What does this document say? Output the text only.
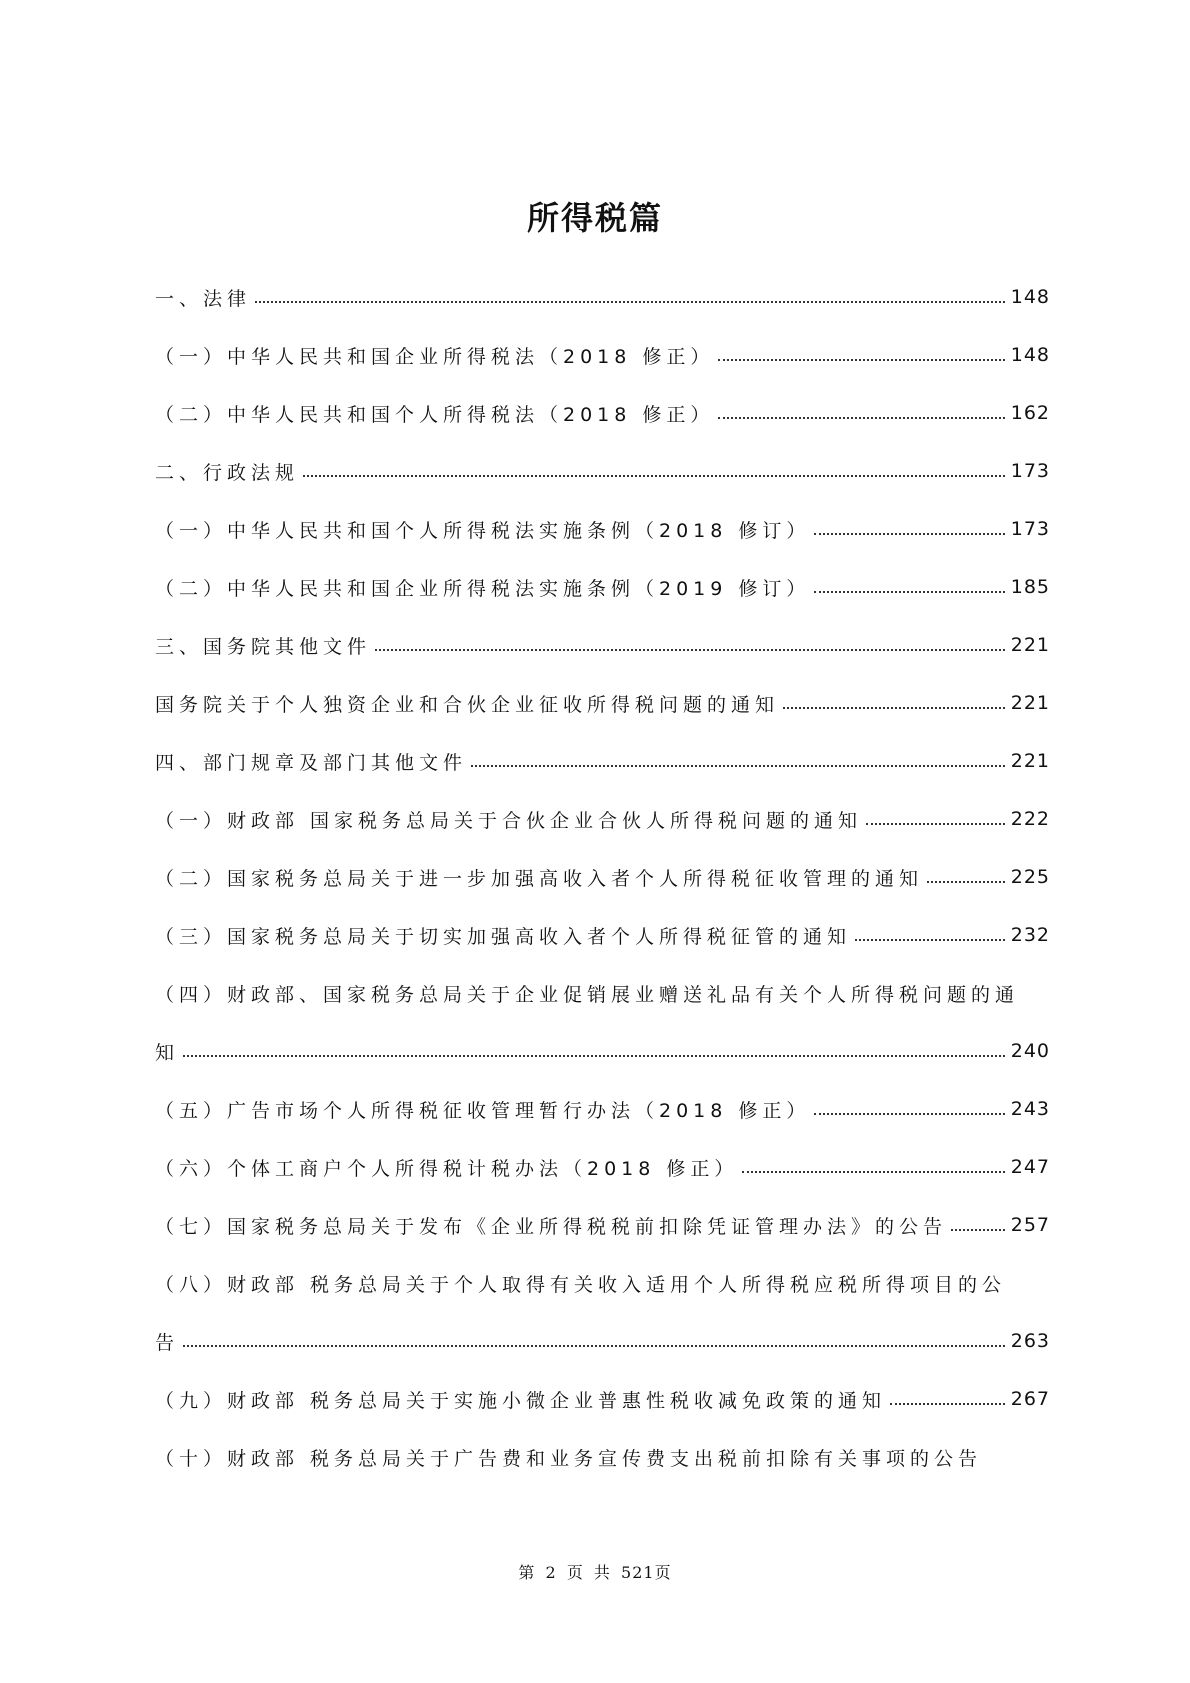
所得税篇
一、法律	148
（一）中华人民共和国企业所得税法（2018 修正）	148
（二）中华人民共和国个人所得税法（2018 修正）	162
二、行政法规	173
（一）中华人民共和国个人所得税法实施条例（2018 修订）	173
（二）中华人民共和国企业所得税法实施条例（2019 修订）	185
三、国务院其他文件	221
国务院关于个人独资企业和合伙企业征收所得税问题的通知	221
四、部门规章及部门其他文件	221
（一）财政部 国家税务总局关于合伙企业合伙人所得税问题的通知	222
（二）国家税务总局关于进一步加强高收入者个人所得税征收管理的通知	225
（三）国家税务总局关于切实加强高收入者个人所得税征管的通知	232
（四）财政部、国家税务总局关于企业促销展业赠送礼品有关个人所得税问题的通
知	240
（五）广告市场个人所得税征收管理暂行办法（2018 修正）	243
（六）个体工商户个人所得税计税办法（2018 修正）	247
（七）国家税务总局关于发布《企业所得税税前扣除凭证管理办法》的公告	257
（八）财政部 税务总局关于个人取得有关收入适用个人所得税应税所得项目的公
告	263
（九）财政部 税务总局关于实施小微企业普惠性税收减免政策的通知	267
（十）财政部 税务总局关于广告费和业务宣传费支出税前扣除有关事项的公告
第 2 页 共 521页
